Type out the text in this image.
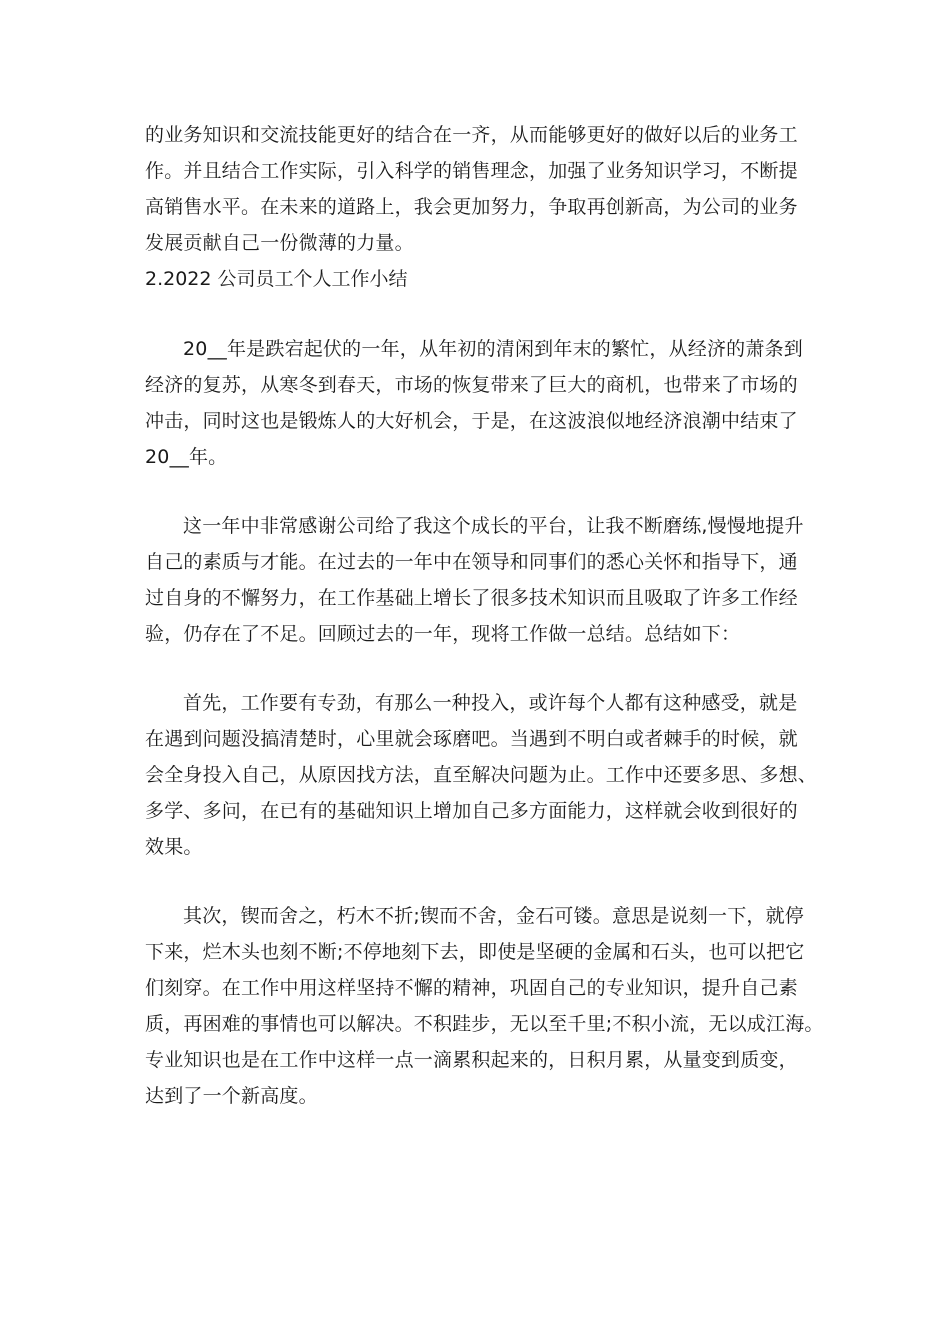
的业务知识和交流技能更好的结合在一齐，从而能够更好的做好以后的业务工
作。并且结合工作实际，引入科学的销售理念，加强了业务知识学习，不断提
高销售水平。在未来的道路上，我会更加努力，争取再创新高，为公司的业务
发展贡献自己一份微薄的力量。

2.2022 公司员工个人工作小结

20__年是跌宕起伏的一年，从年初的清闲到年末的繁忙，从经济的萧条到
经济的复苏，从寒冬到春天，市场的恢复带来了巨大的商机，也带来了市场的
冲击，同时这也是锻炼人的大好机会，于是，在这波浪似地经济浪潮中结束了
20__年。

这一年中非常感谢公司给了我这个成长的平台，让我不断磨练,慢慢地提升
自己的素质与才能。在过去的一年中在领导和同事们的悉心关怀和指导下，通
过自身的不懈努力，在工作基础上增长了很多技术知识而且吸取了许多工作经
验，仍存在了不足。回顾过去的一年，现将工作做一总结。总结如下：

首先，工作要有专劲，有那么一种投入，或许每个人都有这种感受，就是
在遇到问题没搞清楚时，心里就会琢磨吧。当遇到不明白或者棘手的时候，就
会全身投入自己，从原因找方法，直至解决问题为止。工作中还要多思、多想、
多学、多问，在已有的基础知识上增加自己多方面能力，这样就会收到很好的
效果。

其次，锲而舍之，朽木不折;锲而不舍，金石可镂。意思是说刻一下，就停
下来，烂木头也刻不断;不停地刻下去，即使是坚硬的金属和石头，也可以把它
们刻穿。在工作中用这样坚持不懈的精神，巩固自己的专业知识，提升自己素
质，再困难的事情也可以解决。不积跬步，无以至千里;不积小流，无以成江海。
专业知识也是在工作中这样一点一滴累积起来的，日积月累，从量变到质变，
达到了一个新高度。
